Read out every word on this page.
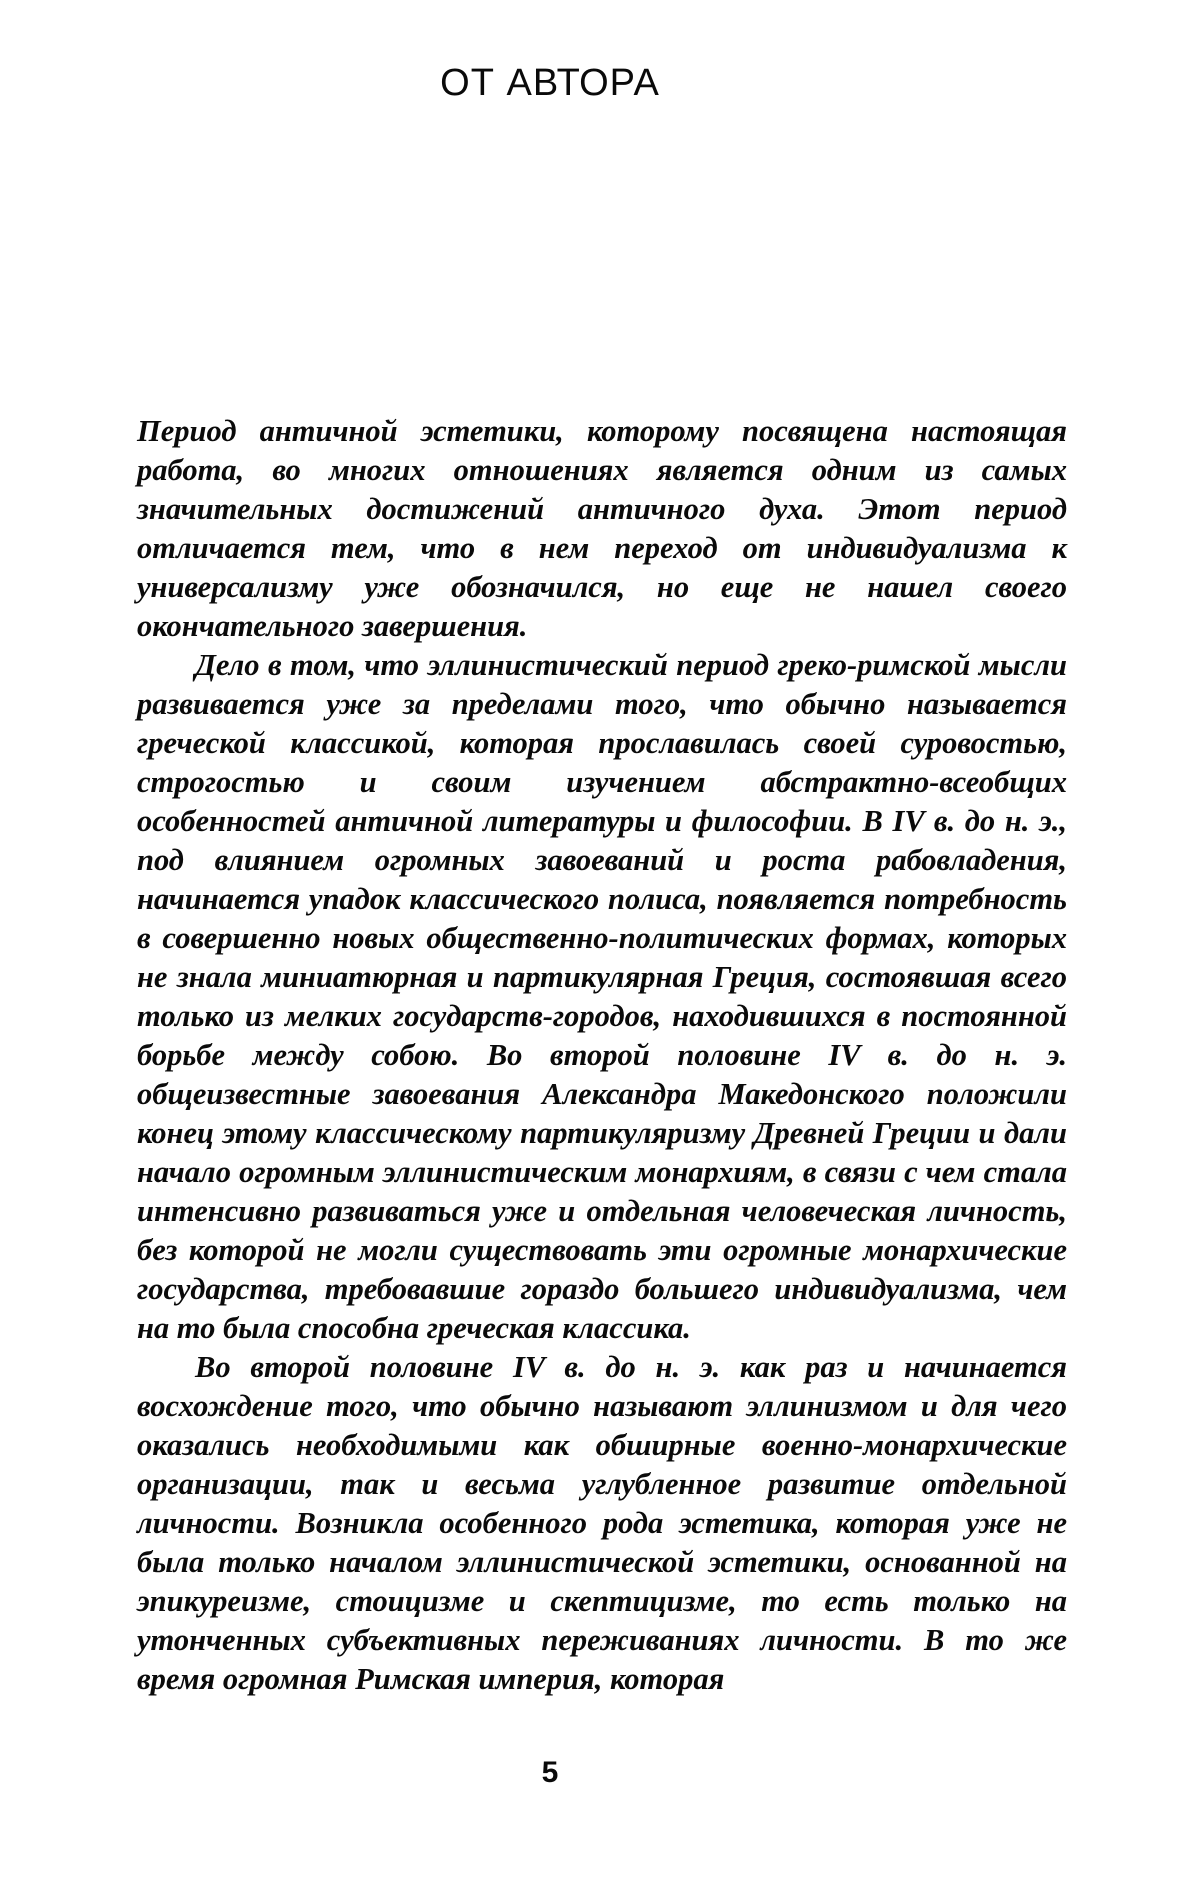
ОТ АВТОРА

Период античной эстетики, которому посвящена настоящая работа, во многих отношениях является одним из самых значительных достижений античного духа. Этот период отличается тем, что в нем переход от индивидуализма к универсализму уже обозначился, но еще не нашел своего окончательного завершения.

Дело в том, что эллинистический период греко-римской мысли развивается уже за пределами того, что обычно называется греческой классикой, которая прославилась своей суровостью, строгостью и своим изучением абстрактно-всеобщих особенностей античной литературы и философии. В IV в. до н. э., под влиянием огромных завоеваний и роста рабовладения, начинается упадок классического полиса, появляется потребность в совершенно новых общественно-политических формах, которых не знала миниатюрная и партикулярная Греция, состоявшая всего только из мелких государств-городов, находившихся в постоянной борьбе между собою. Во второй половине IV в. до н. э. общеизвестные завоевания Александра Македонского положили конец этому классическому партикуляризму Древней Греции и дали начало огромным эллинистическим монархиям, в связи с чем стала интенсивно развиваться уже и отдельная человеческая личность, без которой не могли существовать эти огромные монархические государства, требовавшие гораздо большего индивидуализма, чем на то была способна греческая классика.

Во второй половине IV в. до н. э. как раз и начинается восхождение того, что обычно называют эллинизмом и для чего оказались необходимыми как обширные военно-монархические организации, так и весьма углубленное развитие отдельной личности. Возникла особенного рода эстетика, которая уже не была только началом эллинистической эстетики, основанной на эпикуреизме, стоицизме и скептицизме, то есть только на утонченных субъективных переживаниях личности. В то же время огромная Римская империя, которая

5
